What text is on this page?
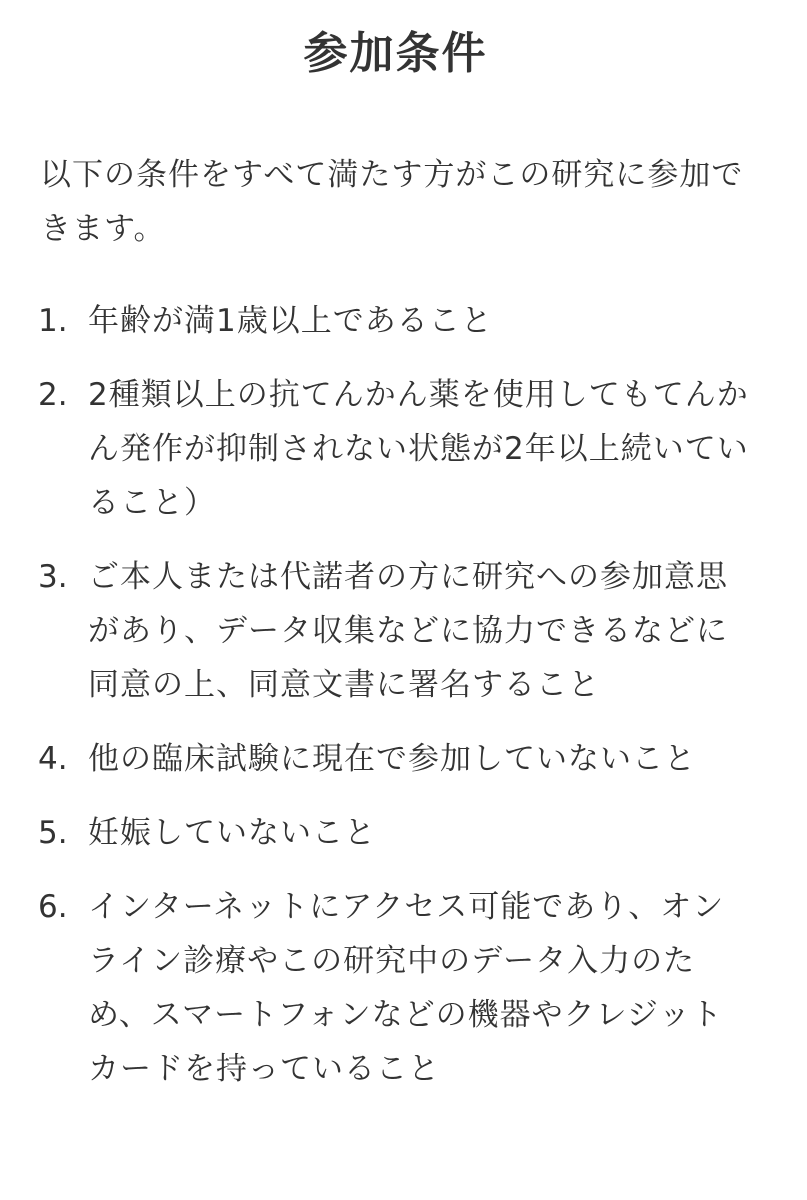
参加条件

以下の条件をすべて満たす方がこの研究に参加できます。

1. 年齢が満1歳以上であること
2. 2種類以上の抗てんかん薬を使用してもてんかん発作が抑制されない状態が2年以上続いていること）
3. ご本人または代諾者の方に研究への参加意思があり、データ収集などに協力できるなどに同意の上、同意文書に署名すること
4. 他の臨床試験に現在で参加していないこと
5. 妊娠していないこと
6. インターネットにアクセス可能であり、オンライン診療やこの研究中のデータ入力のため、スマートフォンなどの機器やクレジットカードを持っていること
